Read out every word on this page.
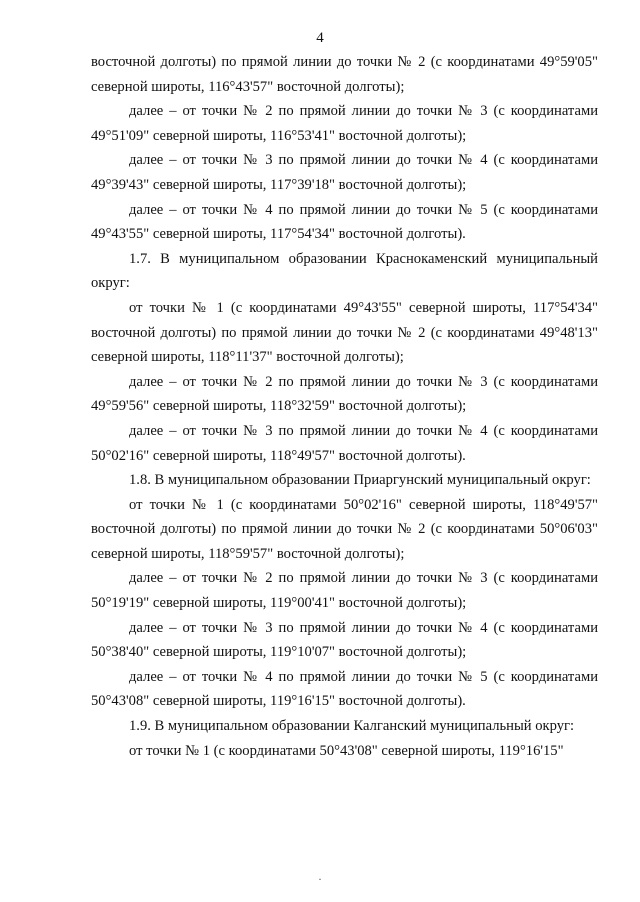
4

восточной долготы) по прямой линии до точки № 2 (с координатами 49°59'05" северной широты, 116°43'57" восточной долготы);

далее – от точки № 2 по прямой линии до точки № 3 (с координатами 49°51'09" северной широты, 116°53'41" восточной долготы);

далее – от точки № 3 по прямой линии до точки № 4 (с координатами 49°39'43" северной широты, 117°39'18" восточной долготы);

далее – от точки № 4 по прямой линии до точки № 5 (с координатами 49°43'55" северной широты, 117°54'34" восточной долготы).

1.7. В муниципальном образовании Краснокаменский муниципальный округ:

от точки № 1 (с координатами 49°43'55" северной широты, 117°54'34" восточной долготы) по прямой линии до точки № 2 (с координатами 49°48'13" северной широты, 118°11'37" восточной долготы);

далее – от точки № 2 по прямой линии до точки № 3 (с координатами 49°59'56" северной широты, 118°32'59" восточной долготы);

далее – от точки № 3 по прямой линии до точки № 4 (с координатами 50°02'16" северной широты, 118°49'57" восточной долготы).

1.8. В муниципальном образовании Приаргунский муниципальный округ:

от точки № 1 (с координатами 50°02'16" северной широты, 118°49'57" восточной долготы) по прямой линии до точки № 2 (с координатами 50°06'03" северной широты, 118°59'57" восточной долготы);

далее – от точки № 2 по прямой линии до точки № 3 (с координатами 50°19'19" северной широты, 119°00'41" восточной долготы);

далее – от точки № 3 по прямой линии до точки № 4 (с координатами 50°38'40" северной широты, 119°10'07" восточной долготы);

далее – от точки № 4 по прямой линии до точки № 5 (с координатами 50°43'08" северной широты, 119°16'15" восточной долготы).

1.9. В муниципальном образовании Калганский муниципальный округ:

от точки № 1 (с координатами 50°43'08" северной широты, 119°16'15"

·
